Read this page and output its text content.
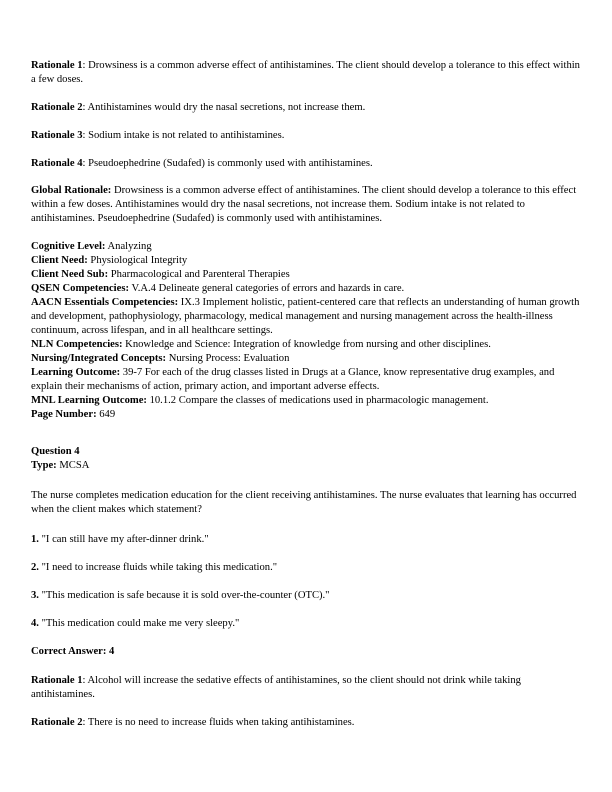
Rationale 1: Drowsiness is a common adverse effect of antihistamines. The client should develop a tolerance to this effect within a few doses.

Rationale 2: Antihistamines would dry the nasal secretions, not increase them.

Rationale 3: Sodium intake is not related to antihistamines.

Rationale 4: Pseudoephedrine (Sudafed) is commonly used with antihistamines.

Global Rationale: Drowsiness is a common adverse effect of antihistamines. The client should develop a tolerance to this effect within a few doses. Antihistamines would dry the nasal secretions, not increase them. Sodium intake is not related to antihistamines. Pseudoephedrine (Sudafed) is commonly used with antihistamines.

Cognitive Level: Analyzing

Client Need: Physiological Integrity

Client Need Sub: Pharmacological and Parenteral Therapies

QSEN Competencies: V.A.4 Delineate general categories of errors and hazards in care.

AACN Essentials Competencies: IX.3 Implement holistic, patient-centered care that reflects an understanding of human growth and development, pathophysiology, pharmacology, medical management and nursing management across the health-illness continuum, across lifespan, and in all healthcare settings.

NLN Competencies: Knowledge and Science: Integration of knowledge from nursing and other disciplines.

Nursing/Integrated Concepts: Nursing Process: Evaluation

Learning Outcome: 39-7 For each of the drug classes listed in Drugs at a Glance, know representative drug examples, and explain their mechanisms of action, primary action, and important adverse effects.

MNL Learning Outcome: 10.1.2 Compare the classes of medications used in pharmacologic management.

Page Number: 649

Question 4

Type: MCSA

The nurse completes medication education for the client receiving antihistamines. The nurse evaluates that learning has occurred when the client makes which statement?

1. "I can still have my after-dinner drink."

2. "I need to increase fluids while taking this medication."

3. "This medication is safe because it is sold over-the-counter (OTC)."

4. "This medication could make me very sleepy."

Correct Answer: 4

Rationale 1: Alcohol will increase the sedative effects of antihistamines, so the client should not drink while taking antihistamines.

Rationale 2: There is no need to increase fluids when taking antihistamines.
